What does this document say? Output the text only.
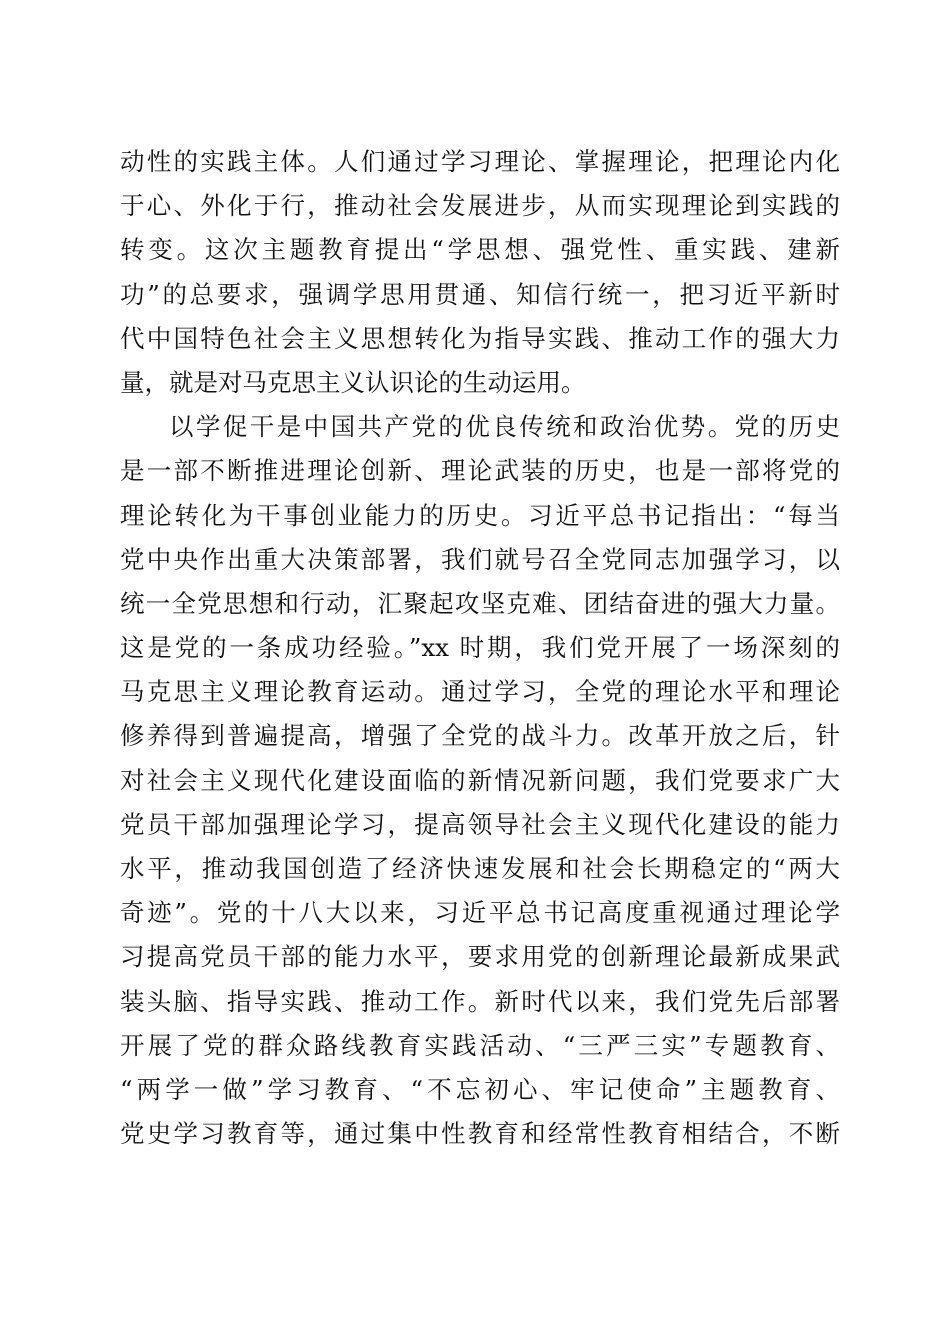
动性的实践主体。人们通过学习理论、掌握理论，把理论内化
于心、外化于行，推动社会发展进步，从而实现理论到实践的
转变。这次主题教育提出“学思想、强党性、重实践、建新
功”的总要求，强调学思用贯通、知信行统一，把习近平新时
代中国特色社会主义思想转化为指导实践、推动工作的强大力
量，就是对马克思主义认识论的生动运用。
以学促干是中国共产党的优良传统和政治优势。党的历史
是一部不断推进理论创新、理论武装的历史，也是一部将党的
理论转化为干事创业能力的历史。习近平总书记指出：“每当
党中央作出重大决策部署，我们就号召全党同志加强学习，以
统一全党思想和行动，汇聚起攻坚克难、团结奋进的强大力量。
这是党的一条成功经验。”xx 时期，我们党开展了一场深刻的
马克思主义理论教育运动。通过学习，全党的理论水平和理论
修养得到普遍提高，增强了全党的战斗力。改革开放之后，针
对社会主义现代化建设面临的新情况新问题，我们党要求广大
党员干部加强理论学习，提高领导社会主义现代化建设的能力
水平，推动我国创造了经济快速发展和社会长期稳定的“两大
奇迹”。党的十八大以来，习近平总书记高度重视通过理论学
习提高党员干部的能力水平，要求用党的创新理论最新成果武
装头脑、指导实践、推动工作。新时代以来，我们党先后部署
开展了党的群众路线教育实践活动、“三严三实”专题教育、
“两学一做”学习教育、“不忘初心、牢记使命”主题教育、
党史学习教育等，通过集中性教育和经常性教育相结合，不断
